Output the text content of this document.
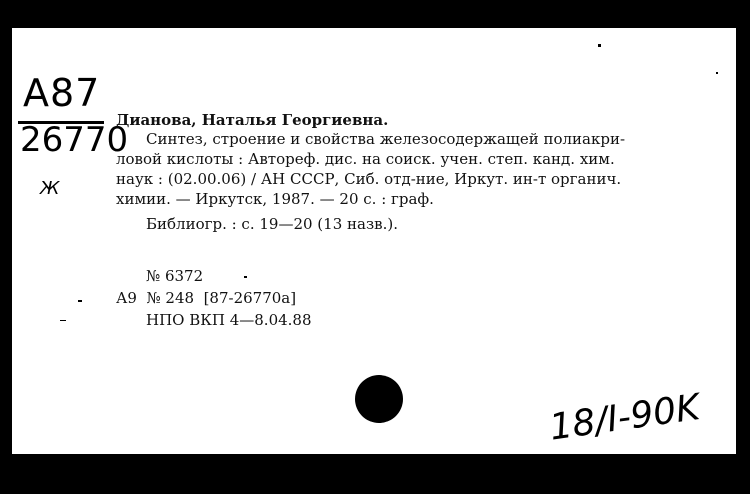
A87
26770
Ж
Дианова, Наталья Георгиевна.
Синтез, строение и свойства железосодержащей полиакри-
ловой кислоты : Автореф. дис. на соиск. учен. степ. канд. хим.
наук : (02.00.06) / АН СССР, Сиб. отд-ние, Иркут. ин-т органич.
химии. — Иркутск, 1987. — 20 с. : граф.
Библиогр. : с. 19—20 (13 назв.).
№ 6372
А9  № 248  [87-26770а]
НПО ВКП 4—8.04.88
18/I-90K
